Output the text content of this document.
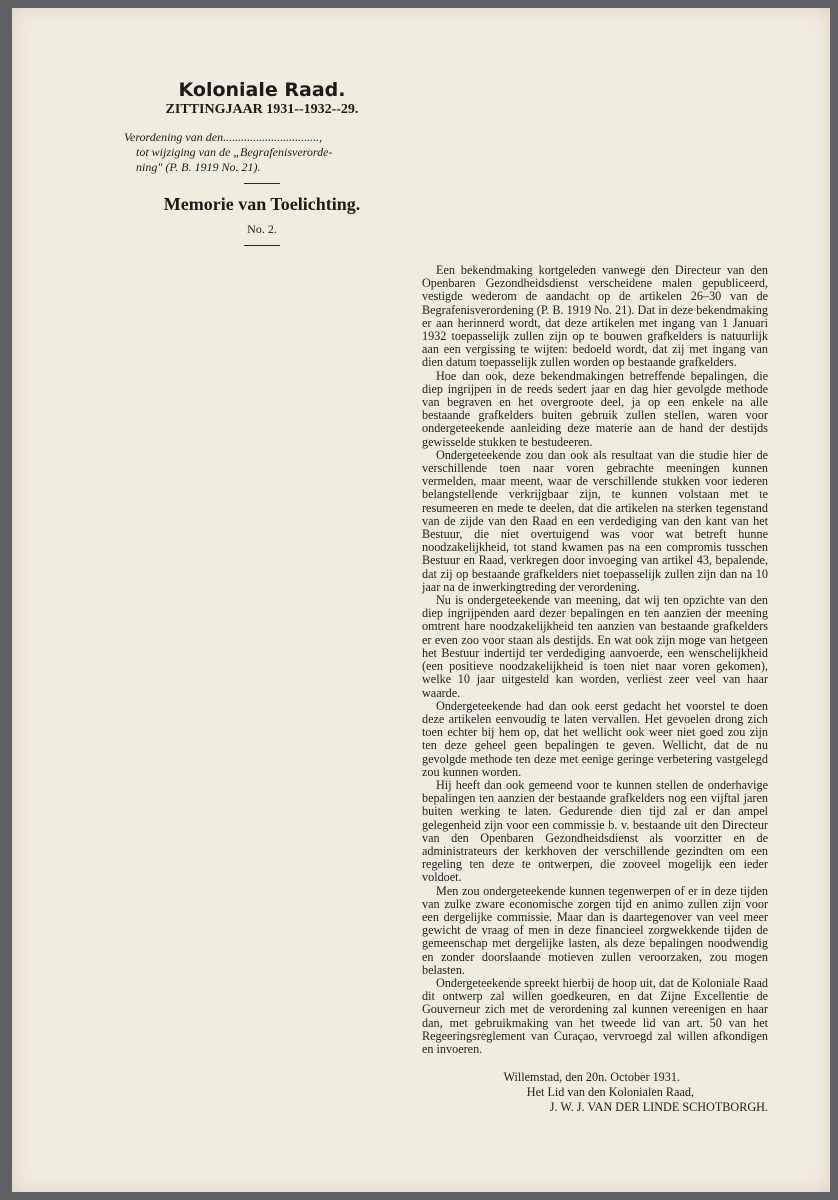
Koloniale Raad.
ZITTINGJAAR 1931--1932--29.
Verordening van den................................,
tot wijziging van de „Begrafenisverorde-
ning" (P. B. 1919 No. 21).
Memorie van Toelichting.
No. 2.

Een bekendmaking kortgeleden vanwege den Directeur van den Openbaren Gezondheidsdienst verscheidene malen gepubliceerd, vestigde wederom de aandacht op de artikelen 26–30 van de Begrafenisverordening (P. B. 1919 No. 21). Dat in deze bekendmaking er aan herinnerd wordt, dat deze artikelen met ingang van 1 Januari 1932 toepasselijk zullen zijn op te bouwen grafkelders is natuurlijk aan een vergissing te wijten: bedoeld wordt, dat zij met ingang van dien datum toepasselijk zullen worden op bestaande grafkelders.

Hoe dan ook, deze bekendmakingen betreffende bepalingen, die diep ingrijpen in de reeds sedert jaar en dag hier gevolgde methode van begraven en het overgroote deel, ja op een enkele na alle bestaande grafkelders buiten gebruik zullen stellen, waren voor ondergeteekende aanleiding deze materie aan de hand der destijds gewisselde stukken te bestudeeren.

Ondergeteekende zou dan ook als resultaat van die studie hier de verschillende toen naar voren gebrachte meeningen kunnen vermelden, maar meent, waar de verschillende stukken voor iederen belangstellende verkrijgbaar zijn, te kunnen volstaan met te resumeeren en mede te deelen, dat die artikelen na sterken tegenstand van de zijde van den Raad en een verdediging van den kant van het Bestuur, die niet overtuigend was voor wat betreft hunne noodzakelijkheid, tot stand kwamen pas na een compromis tusschen Bestuur en Raad, verkregen door invoeging van artikel 43, bepalende, dat zij op bestaande grafkelders niet toepasselijk zullen zijn dan na 10 jaar na de inwerkingtreding der verordening.

Nu is ondergeteekende van meening, dat wij ten opzichte van den diep ingrijpenden aard dezer bepalingen en ten aanzien der meening omtrent hare noodzakelijkheid ten aanzien van bestaande grafkelders er even zoo voor staan als destijds. En wat ook zijn moge van hetgeen het Bestuur indertijd ter verdediging aanvoerde, een wenschelijkheid (een positieve noodzakelijkheid is toen niet naar voren gekomen), welke 10 jaar uitgesteld kan worden, verliest zeer veel van haar waarde.

Ondergeteekende had dan ook eerst gedacht het voorstel te doen deze artikelen eenvoudig te laten vervallen. Het gevoelen drong zich toen echter bij hem op, dat het wellicht ook weer niet goed zou zijn ten deze geheel geen bepalingen te geven. Wellicht, dat de nu gevolgde methode ten deze met eenige geringe verbetering vastgelegd zou kunnen worden.

Hij heeft dan ook gemeend voor te kunnen stellen de onderhavige bepalingen ten aanzien der bestaande grafkelders nog een vijftal jaren buiten werking te laten. Gedurende dien tijd zal er dan ampel gelegenheid zijn voor een commissie b. v. bestaande uit den Directeur van den Openbaren Gezondheidsdienst als voorzitter en de administrateurs der kerkhoven der verschillende gezindten om een regeling ten deze te ontwerpen, die zooveel mogelijk een ieder voldoet.

Men zou ondergeteekende kunnen tegenwerpen of er in deze tijden van zulke zware economische zorgen tijd en animo zullen zijn voor een dergelijke commissie. Maar dan is daartegenover van veel meer gewicht de vraag of men in deze financieel zorgwekkende tijden de gemeenschap met dergelijke lasten, als deze bepalingen noodwendig en zonder doorslaande motieven zullen veroorzaken, zou mogen belasten.

Ondergeteekende spreekt hierbij de hoop uit, dat de Koloniale Raad dit ontwerp zal willen goedkeuren, en dat Zijne Excellentie de Gouverneur zich met de verordening zal kunnen vereenigen en haar dan, met gebruikmaking van het tweede lid van art. 50 van het Regeeringsreglement van Curaçao, vervroegd zal willen afkondigen en invoeren.

Willemstad, den 20n. October 1931.
Het Lid van den Kolonialen Raad,
J. W. J. VAN DER LINDE SCHOTBORGH.
